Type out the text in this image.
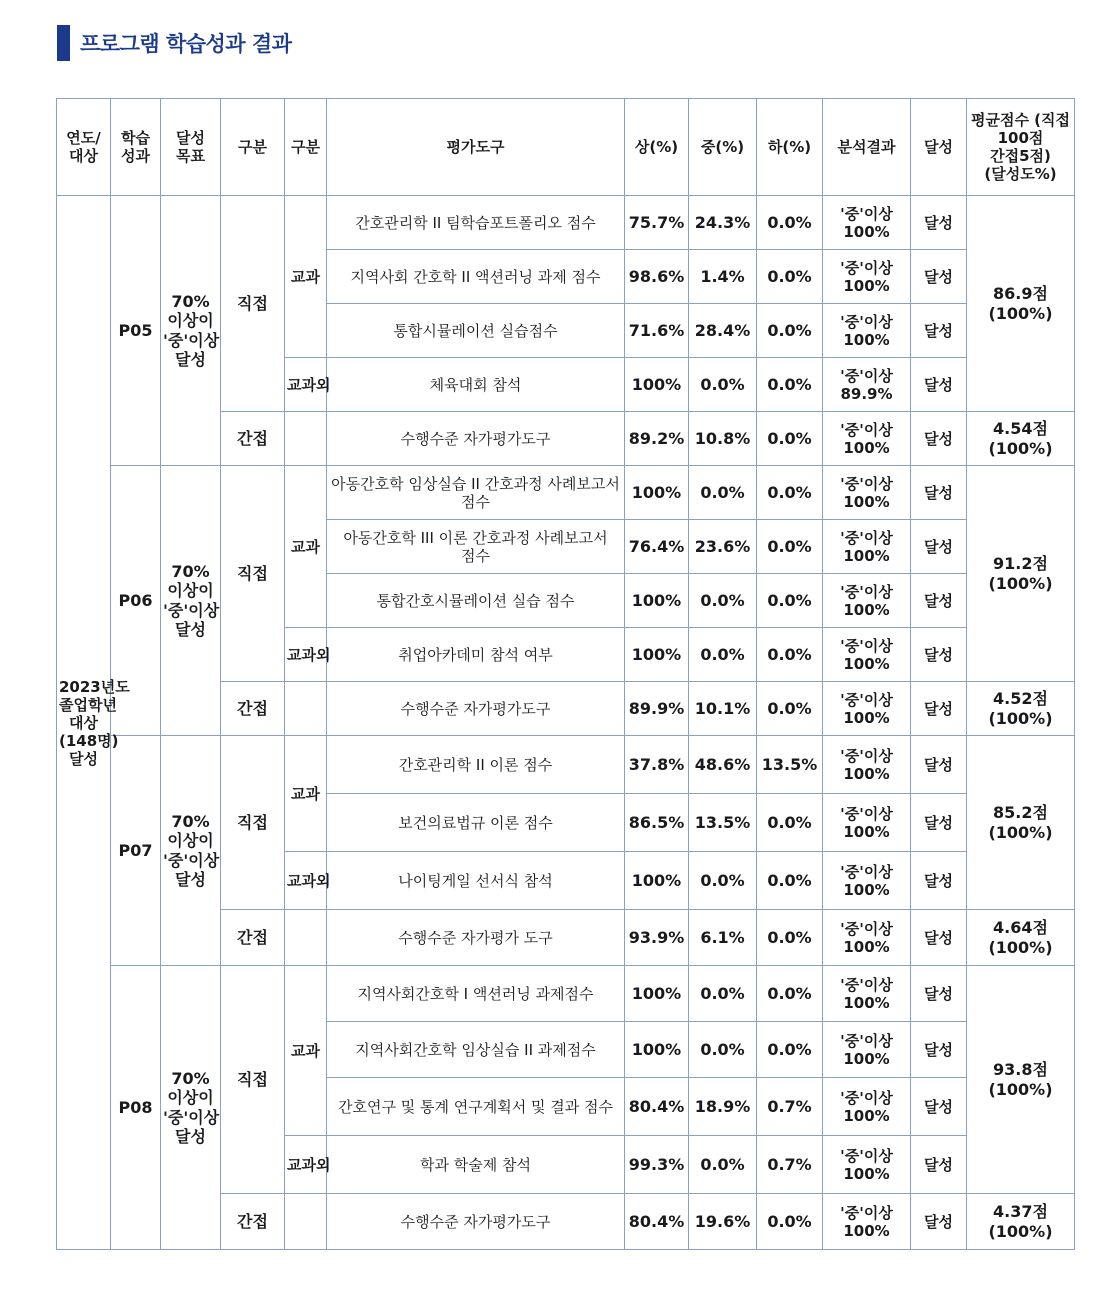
프로그램 학습성과 결과
연도/ 대상	학습 성과	달성 목표	구분	구분	평가도구	상(%)	중(%)	하(%)	분석결과	달성	평균점수 (직접 100점 간접5점) (달성도%)
2023년도 졸업학년 대상 (148명) 달성	P05	70% 이상이 '중'이상 달성	직접	교과	간호관리학 II 팀학습포트폴리오 점수	75.7%	24.3%	0.0%	'중'이상 100%	달성	86.9점 (100%)
					지역사회 간호학 II 액션러닝 과제 점수	98.6%	1.4%	0.0%	'중'이상 100%	달성	
					통합시뮬레이션 실습점수	71.6%	28.4%	0.0%	'중'이상 100%	달성	
				교과외	체육대회 참석	100%	0.0%	0.0%	'중'이상 89.9%	달성	
			간접		수행수준 자가평가도구	89.2%	10.8%	0.0%	'중'이상 100%	달성	4.54점 (100%)
	P06	70% 이상이 '중'이상 달성	직접	교과	아동간호학 임상실습 II 간호과정 사례보고서 점수	100%	0.0%	0.0%	'중'이상 100%	달성	91.2점 (100%)
					아동간호학 III 이론 간호과정 사례보고서 점수	76.4%	23.6%	0.0%	'중'이상 100%	달성	
					통합간호시뮬레이션 실습 점수	100%	0.0%	0.0%	'중'이상 100%	달성	
				교과외	취업아카데미 참석 여부	100%	0.0%	0.0%	'중'이상 100%	달성	
			간접		수행수준 자가평가도구	89.9%	10.1%	0.0%	'중'이상 100%	달성	4.52점 (100%)
	P07	70% 이상이 '중'이상 달성	직접	교과	간호관리학 II 이론 점수	37.8%	48.6%	13.5%	'중'이상 100%	달성	85.2점 (100%)
					보건의료법규 이론 점수	86.5%	13.5%	0.0%	'중'이상 100%	달성	
				교과외	나이팅게일 선서식 참석	100%	0.0%	0.0%	'중'이상 100%	달성	
			간접		수행수준 자가평가 도구	93.9%	6.1%	0.0%	'중'이상 100%	달성	4.64점 (100%)
	P08	70% 이상이 '중'이상 달성	직접	교과	지역사회간호학 I 액션러닝 과제점수	100%	0.0%	0.0%	'중'이상 100%	달성	93.8점 (100%)
					지역사회간호학 임상실습 II 과제점수	100%	0.0%	0.0%	'중'이상 100%	달성	
					간호연구 및 통계 연구계획서 및 결과 점수	80.4%	18.9%	0.7%	'중'이상 100%	달성	
				교과외	학과 학술제 참석	99.3%	0.0%	0.7%	'중'이상 100%	달성	
			간접		수행수준 자가평가도구	80.4%	19.6%	0.0%	'중'이상 100%	달성	4.37점 (100%)
